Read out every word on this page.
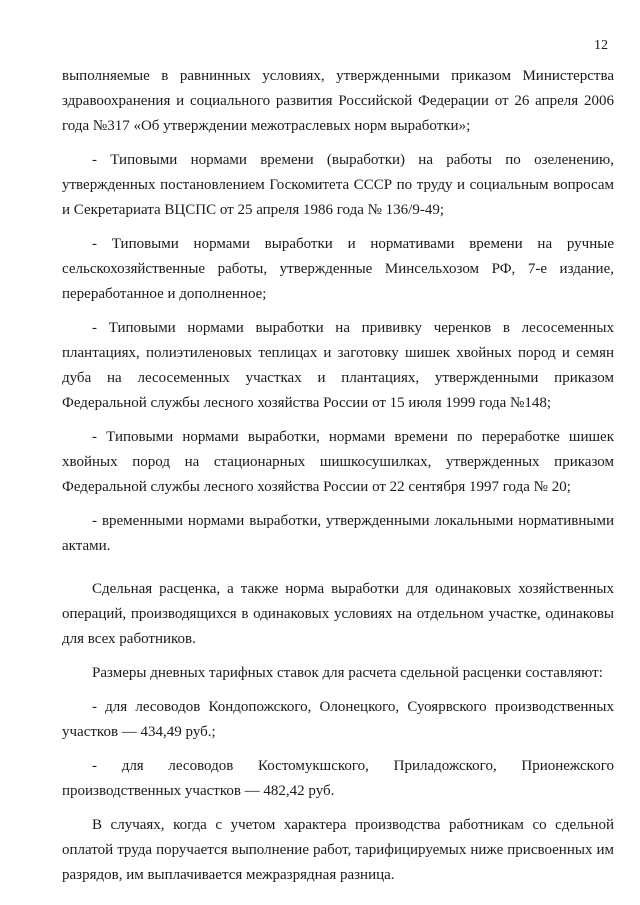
12

выполняемые в равнинных условиях, утвержденными приказом Министерства здравоохранения и социального развития Российской Федерации от 26 апреля 2006 года №317 «Об утверждении межотраслевых норм выработки»;

- Типовыми нормами времени (выработки) на работы по озеленению, утвержденных постановлением Госкомитета СССР по труду и социальным вопросам и Секретариата ВЦСПС от 25 апреля 1986 года № 136/9-49;

- Типовыми нормами выработки и нормативами времени на ручные сельскохозяйственные работы, утвержденные Минсельхозом РФ, 7-е издание, переработанное и дополненное;

- Типовыми нормами выработки на прививку черенков в лесосеменных плантациях, полиэтиленовых теплицах и заготовку шишек хвойных пород и семян дуба на лесосеменных участках и плантациях, утвержденными приказом Федеральной службы лесного хозяйства России от 15 июля 1999 года №148;

- Типовыми нормами выработки, нормами времени по переработке шишек хвойных пород на стационарных шишкосушилках, утвержденных приказом Федеральной службы лесного хозяйства России от 22 сентября 1997 года № 20;

- временными нормами выработки, утвержденными локальными нормативными актами.

Сдельная расценка, а также норма выработки для одинаковых хозяйственных операций, производящихся в одинаковых условиях на отдельном участке, одинаковы для всех работников.

Размеры дневных тарифных ставок для расчета сдельной расценки составляют:

- для лесоводов Кондопожского, Олонецкого, Суоярвского производственных участков — 434,49 руб.;

- для лесоводов Костомукшского, Приладожского, Прионежского производственных участков — 482,42 руб.

В случаях, когда с учетом характера производства работникам со сдельной оплатой труда поручается выполнение работ, тарифицируемых ниже присвоенных им разрядов, им выплачивается межразрядная разница.
